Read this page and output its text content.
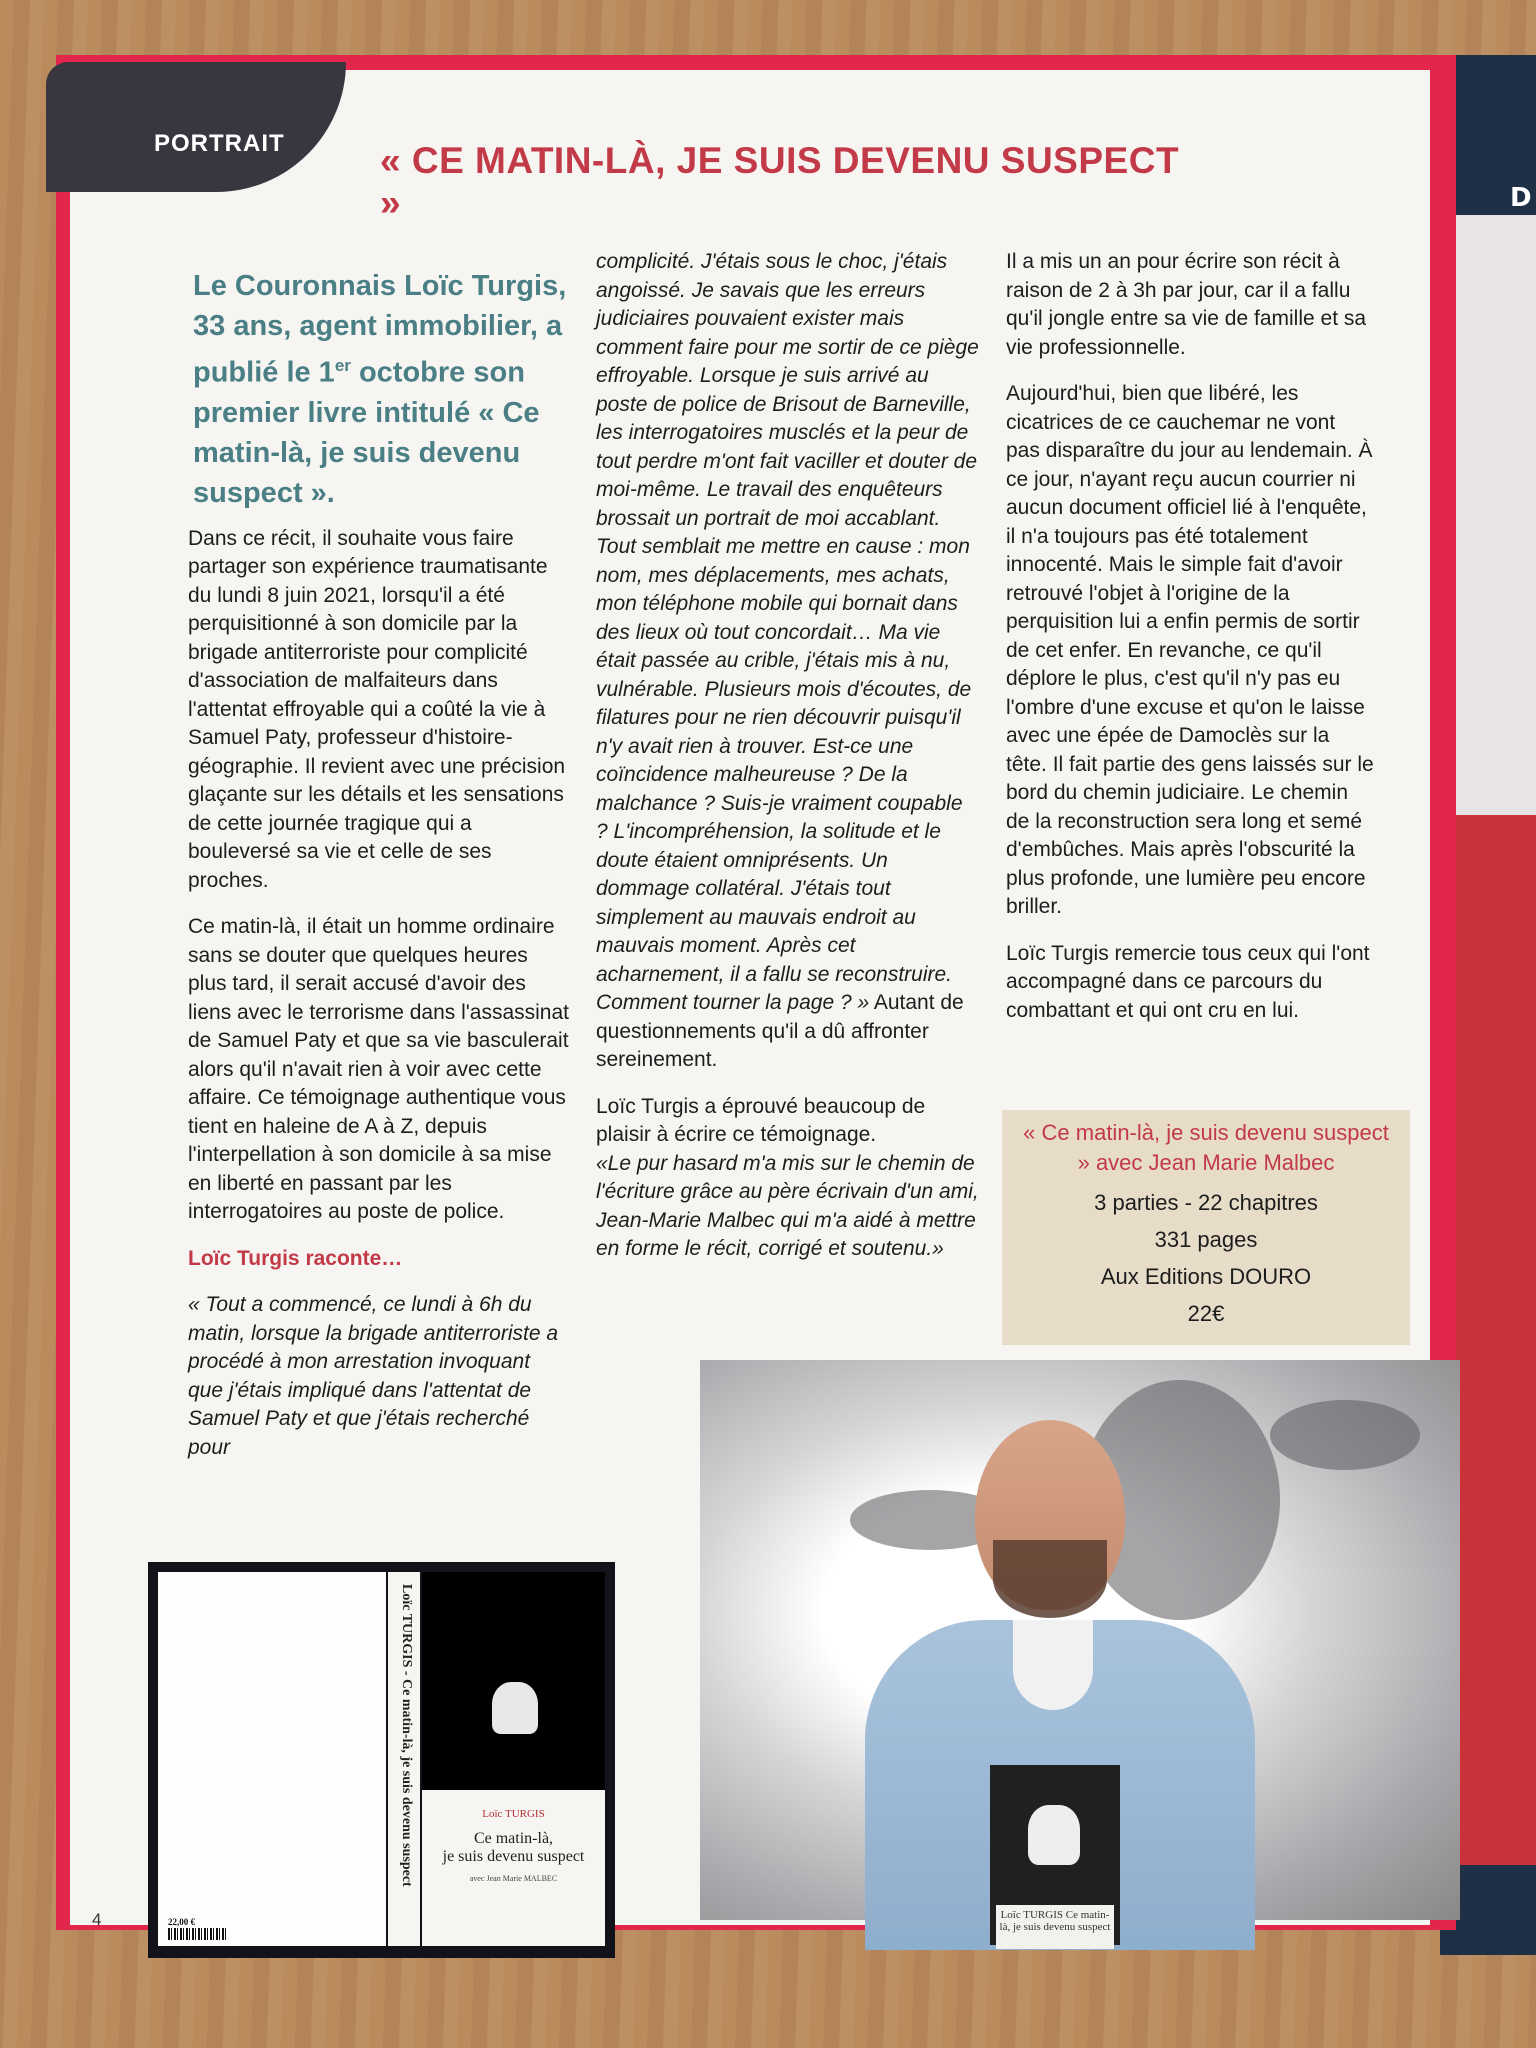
D
Facebook Ministère de l'Intérieur
PORTRAIT	« CE MATIN-LÀ, JE SUIS DEVENU SUSPECT »

Le Couronnais Loïc Turgis, 33 ans, agent immobilier, a publié le 1er octobre son premier livre intitulé « Ce matin-là, je suis devenu suspect ».

Dans ce récit, il souhaite vous faire partager son expérience traumatisante du lundi 8 juin 2021, lorsqu'il a été perquisitionné à son domicile par la brigade antiterroriste pour complicité d'association de malfaiteurs dans l'attentat effroyable qui a coûté la vie à Samuel Paty, professeur d'histoire-géographie. Il revient avec une précision glaçante sur les détails et les sensations de cette journée tragique qui a bouleversé sa vie et celle de ses proches.

Ce matin-là, il était un homme ordinaire sans se douter que quelques heures plus tard, il serait accusé d'avoir des liens avec le terrorisme dans l'assassinat de Samuel Paty et que sa vie basculerait alors qu'il n'avait rien à voir avec cette affaire. Ce témoignage authentique vous tient en haleine de A à Z, depuis l'interpellation à son domicile à sa mise en liberté en passant par les interrogatoires au poste de police.

Loïc Turgis raconte…

« Tout a commencé, ce lundi à 6h du matin, lorsque la brigade antiterroriste a procédé à mon arrestation invoquant que j'étais impliqué dans l'attentat de Samuel Paty et que j'étais recherché pour

complicité. J'étais sous le choc, j'étais angoissé. Je savais que les erreurs judiciaires pouvaient exister mais comment faire pour me sortir de ce piège effroyable. Lorsque je suis arrivé au poste de police de Brisout de Barneville, les interrogatoires musclés et la peur de tout perdre m'ont fait vaciller et douter de moi-même. Le travail des enquêteurs brossait un portrait de moi accablant. Tout semblait me mettre en cause : mon nom, mes déplacements, mes achats, mon téléphone mobile qui bornait dans des lieux où tout concordait… Ma vie était passée au crible, j'étais mis à nu, vulnérable. Plusieurs mois d'écoutes, de filatures pour ne rien découvrir puisqu'il n'y avait rien à trouver. Est-ce une coïncidence malheureuse ? De la malchance ? Suis-je vraiment coupable ? L'incompréhension, la solitude et le doute étaient omniprésents. Un dommage collatéral. J'étais tout simplement au mauvais endroit au mauvais moment. Après cet acharnement, il a fallu se reconstruire. Comment tourner la page ? » Autant de questionnements qu'il a dû affronter sereinement.

Loïc Turgis a éprouvé beaucoup de plaisir à écrire ce témoignage.
«Le pur hasard m'a mis sur le chemin de l'écriture grâce au père écrivain d'un ami, Jean-Marie Malbec qui m'a aidé à mettre en forme le récit, corrigé et soutenu.»

Il a mis un an pour écrire son récit à raison de 2 à 3h par jour, car il a fallu qu'il jongle entre sa vie de famille et sa vie professionnelle.

Aujourd'hui, bien que libéré, les cicatrices de ce cauchemar ne vont pas disparaître du jour au lendemain. À ce jour, n'ayant reçu aucun courrier ni aucun document officiel lié à l'enquête, il n'a toujours pas été totalement innocenté. Mais le simple fait d'avoir retrouvé l'objet à l'origine de la perquisition lui a enfin permis de sortir de cet enfer. En revanche, ce qu'il déplore le plus, c'est qu'il n'y pas eu l'ombre d'une excuse et qu'on le laisse avec une épée de Damoclès sur la tête. Il fait partie des gens laissés sur le bord du chemin judiciaire. Le chemin de la reconstruction sera long et semé d'embûches. Mais après l'obscurité la plus profonde, une lumière peu encore briller.

Loïc Turgis remercie tous ceux qui l'ont accompagné dans ce parcours du combattant et qui ont cru en lui.

« Ce matin-là, je suis devenu suspect » avec Jean Marie Malbec
3 parties - 22 chapitres
331 pages
Aux Editions DOURO
22€
Loïc TURGIS Ce matin-là, je suis devenu suspect
22,00 €
Loïc TURGIS - Ce matin-là, je suis devenu suspect	Loïc TURGIS
Ce matin-là,
je suis devenu suspect
avec Jean Marie MALBEC
4
